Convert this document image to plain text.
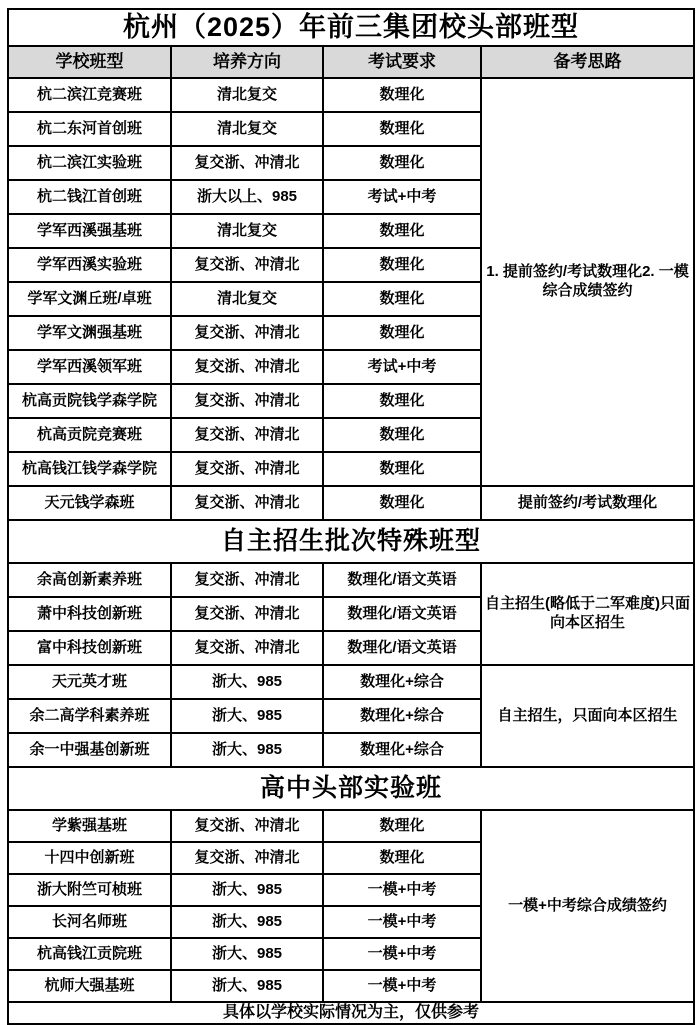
杭州（2025）年前三集团校头部班型			
学校班型	培养方向	考试要求	备考思路
杭二滨江竞赛班	清北复交	数理化	1. 提前签约/考试数理化2. 一模综合成绩签约
杭二东河首创班	清北复交	数理化	
杭二滨江实验班	复交浙、冲清北	数理化	
杭二钱江首创班	浙大以上、985	考试+中考	
学军西溪强基班	清北复交	数理化	
学军西溪实验班	复交浙、冲清北	数理化	
学军文渊丘班/卓班	清北复交	数理化	
学军文渊强基班	复交浙、冲清北	数理化	
学军西溪领军班	复交浙、冲清北	考试+中考	
杭高贡院钱学森学院	复交浙、冲清北	数理化	
杭高贡院竞赛班	复交浙、冲清北	数理化	
杭高钱江钱学森学院	复交浙、冲清北	数理化	
天元钱学森班	复交浙、冲清北	数理化	提前签约/考试数理化
自主招生批次特殊班型			
余高创新素养班	复交浙、冲清北	数理化/语文英语	自主招生(略低于二军难度)只面向本区招生
萧中科技创新班	复交浙、冲清北	数理化/语文英语	
富中科技创新班	复交浙、冲清北	数理化/语文英语	
天元英才班	浙大、985	数理化+综合	自主招生，只面向本区招生
余二高学科素养班	浙大、985	数理化+综合	
余一中强基创新班	浙大、985	数理化+综合	
高中头部实验班			
学紫强基班	复交浙、冲清北	数理化	一模+中考综合成绩签约
十四中创新班	复交浙、冲清北	数理化	
浙大附竺可桢班	浙大、985	一模+中考	
长河名师班	浙大、985	一模+中考	
杭高钱江贡院班	浙大、985	一模+中考	
杭师大强基班	浙大、985	一模+中考	
具体以学校实际情况为主，仅供参考			
